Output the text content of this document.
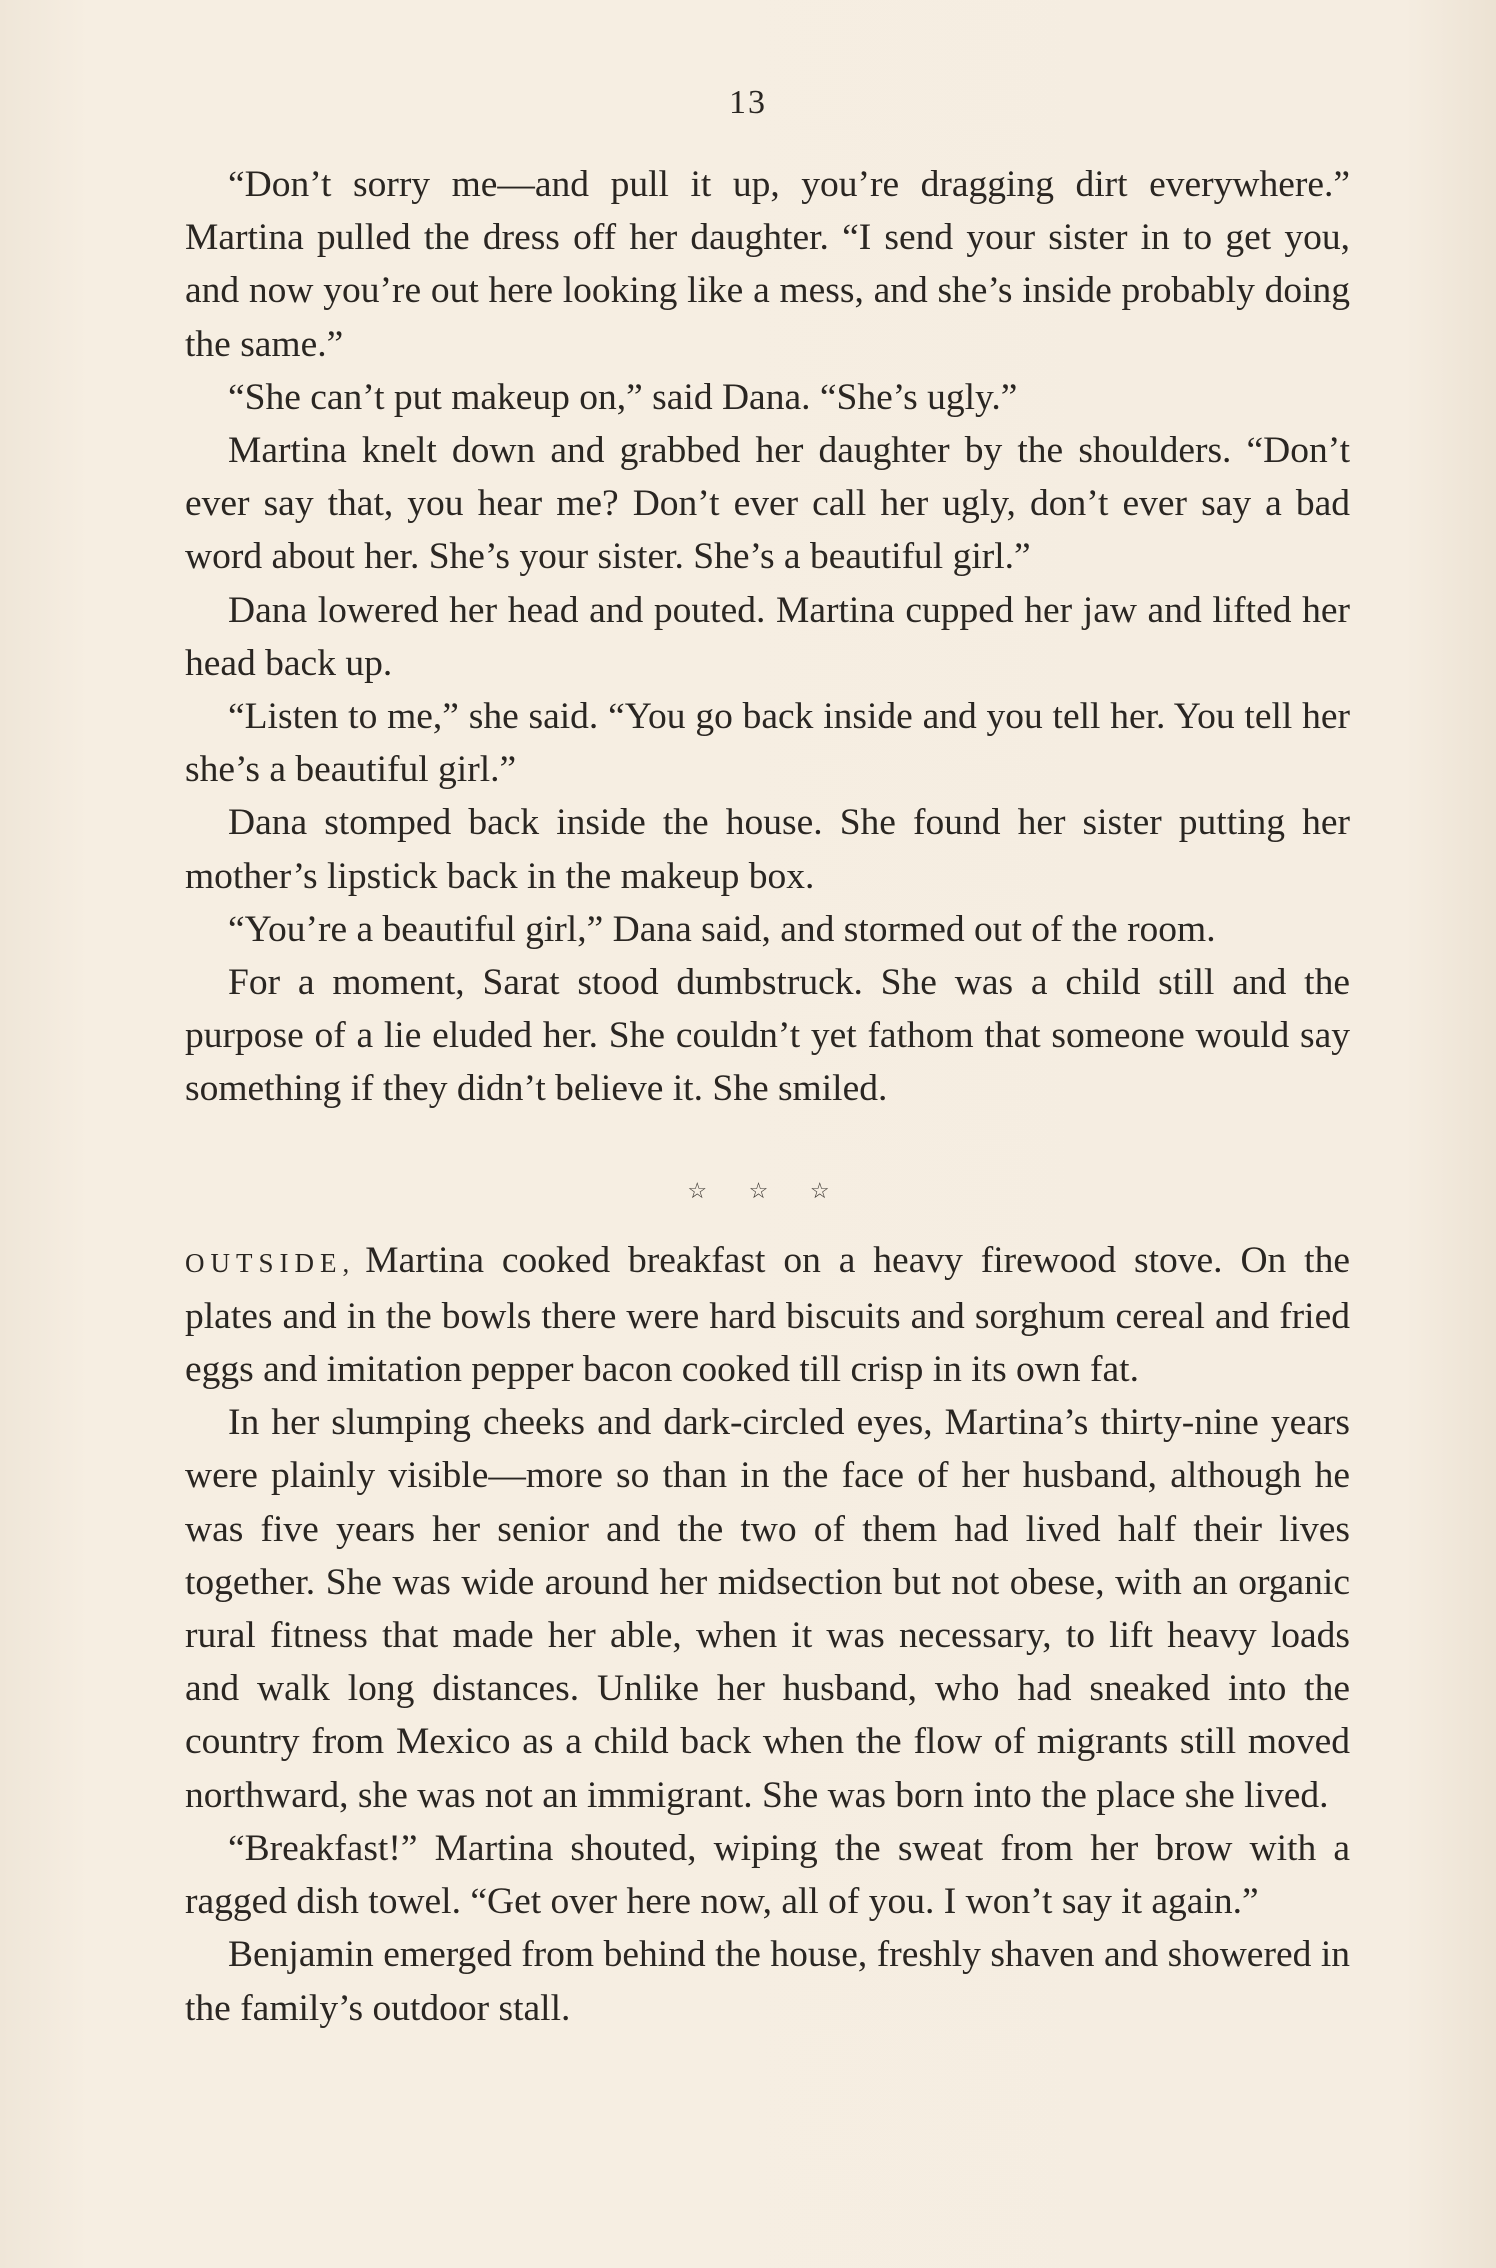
13

“Don’t sorry me—and pull it up, you’re dragging dirt everywhere.” Martina pulled the dress off her daughter. “I send your sister in to get you, and now you’re out here looking like a mess, and she’s inside probably doing the same.”

“She can’t put makeup on,” said Dana. “She’s ugly.”

Martina knelt down and grabbed her daughter by the shoulders. “Don’t ever say that, you hear me? Don’t ever call her ugly, don’t ever say a bad word about her. She’s your sister. She’s a beautiful girl.”

Dana lowered her head and pouted. Martina cupped her jaw and lifted her head back up.

“Listen to me,” she said. “You go back inside and you tell her. You tell her she’s a beautiful girl.”

Dana stomped back inside the house. She found her sister putting her mother’s lipstick back in the makeup box.

“You’re a beautiful girl,” Dana said, and stormed out of the room.

For a moment, Sarat stood dumbstruck. She was a child still and the purpose of a lie eluded her. She couldn’t yet fathom that someone would say something if they didn’t believe it. She smiled.

☆ ☆ ☆

OUTSIDE, Martina cooked breakfast on a heavy firewood stove. On the plates and in the bowls there were hard biscuits and sorghum cereal and fried eggs and imitation pepper bacon cooked till crisp in its own fat.

In her slumping cheeks and dark-circled eyes, Martina’s thirty-nine years were plainly visible—more so than in the face of her husband, although he was five years her senior and the two of them had lived half their lives together. She was wide around her midsection but not obese, with an organic rural fitness that made her able, when it was necessary, to lift heavy loads and walk long distances. Unlike her husband, who had sneaked into the country from Mexico as a child back when the flow of migrants still moved northward, she was not an immigrant. She was born into the place she lived.

“Breakfast!” Martina shouted, wiping the sweat from her brow with a ragged dish towel. “Get over here now, all of you. I won’t say it again.”

Benjamin emerged from behind the house, freshly shaven and showered in the family’s outdoor stall.
